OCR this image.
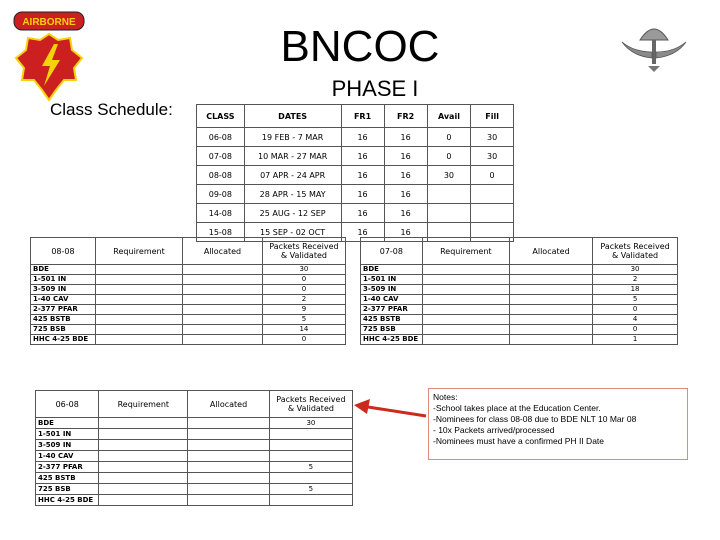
AIRBORNE	BNCOC
PHASE I
Class Schedule:	CLASS	DATES	FR1	FR2	Avail	Fill
06-08	19 FEB - 7 MAR	16	16	0	30
07-08	10 MAR - 27 MAR	16	16	0	30
08-08	07 APR - 24 APR	16	16	30	0
09-08	28 APR - 15 MAY	16	16		
14-08	25 AUG - 12 SEP	16	16		
15-08	15 SEP - 02 OCT	16	16		
08-08	Requirement	Allocated	Packets Received & Validated
BDE			30
1-501 IN			0
3-509 IN			0
1-40 CAV			2
2-377 PFAR			9
425 BSTB			5
725 BSB			14
HHC 4-25 BDE			0
07-08	Requirement	Allocated	Packets Received & Validated
BDE			30
1-501 IN			2
3-509 IN			18
1-40 CAV			5
2-377 PFAR			0
425 BSTB			4
725 BSB			0
HHC 4-25 BDE			1
06-08	Requirement	Allocated	Packets Received & Validated
BDE			30
1-501 IN			
3-509 IN			
1-40 CAV			
2-377 PFAR			5
425 BSTB			
725 BSB			5
HHC 4-25 BDE			
Notes:
-School takes place at the Education Center.
-Nominees for class 08-08 due to BDE NLT 10 Mar 08
- 10x Packets arrived/processed
-Nominees must have a confirmed PH II Date
